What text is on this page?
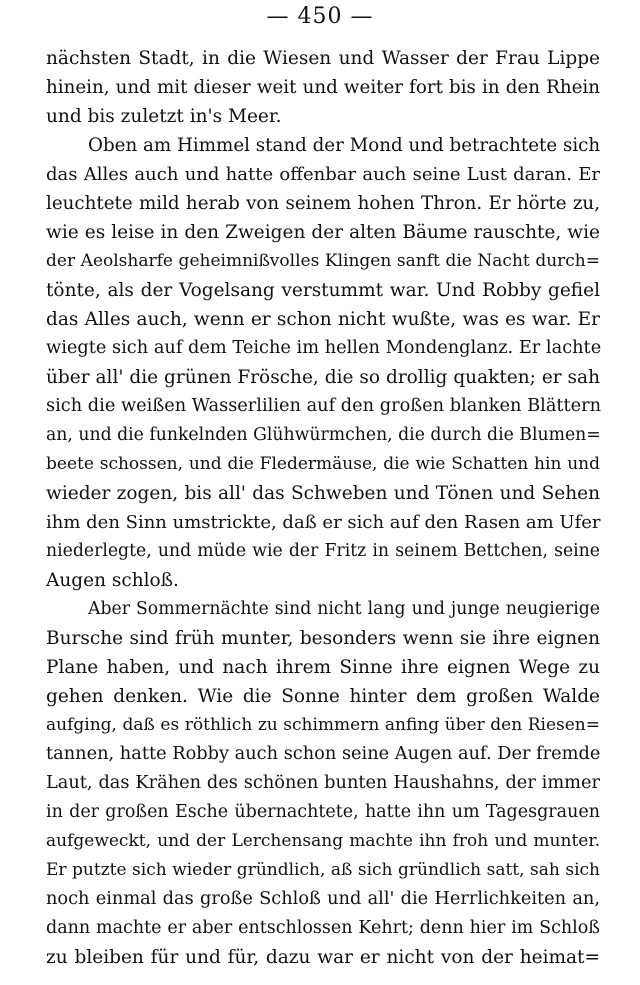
— 450 —
nächsten Stadt, in die Wiesen und Wasser der Frau Lippe
hinein, und mit dieser weit und weiter fort bis in den Rhein
und bis zuletzt in's Meer.
Oben am Himmel stand der Mond und betrachtete sich
das Alles auch und hatte offenbar auch seine Lust daran. Er
leuchtete mild herab von seinem hohen Thron. Er hörte zu,
wie es leise in den Zweigen der alten Bäume rauschte, wie
der Aeolsharfe geheimnißvolles Klingen sanft die Nacht durch=
tönte, als der Vogelsang verstummt war. Und Robby gefiel
das Alles auch, wenn er schon nicht wußte, was es war. Er
wiegte sich auf dem Teiche im hellen Mondenglanz. Er lachte
über all' die grünen Frösche, die so drollig quakten; er sah
sich die weißen Wasserlilien auf den großen blanken Blättern
an, und die funkelnden Glühwürmchen, die durch die Blumen=
beete schossen, und die Fledermäuse, die wie Schatten hin und
wieder zogen, bis all' das Schweben und Tönen und Sehen
ihm den Sinn umstrickte, daß er sich auf den Rasen am Ufer
niederlegte, und müde wie der Fritz in seinem Bettchen, seine
Augen schloß.
Aber Sommernächte sind nicht lang und junge neugierige
Bursche sind früh munter, besonders wenn sie ihre eignen
Plane haben, und nach ihrem Sinne ihre eignen Wege zu
gehen denken. Wie die Sonne hinter dem großen Walde
aufging, daß es röthlich zu schimmern anfing über den Riesen=
tannen, hatte Robby auch schon seine Augen auf. Der fremde
Laut, das Krähen des schönen bunten Haushahns, der immer
in der großen Esche übernachtete, hatte ihn um Tagesgrauen
aufgeweckt, und der Lerchensang machte ihn froh und munter.
Er putzte sich wieder gründlich, aß sich gründlich satt, sah sich
noch einmal das große Schloß und all' die Herrlichkeiten an,
dann machte er aber entschlossen Kehrt; denn hier im Schloß
zu bleiben für und für, dazu war er nicht von der heimat=
